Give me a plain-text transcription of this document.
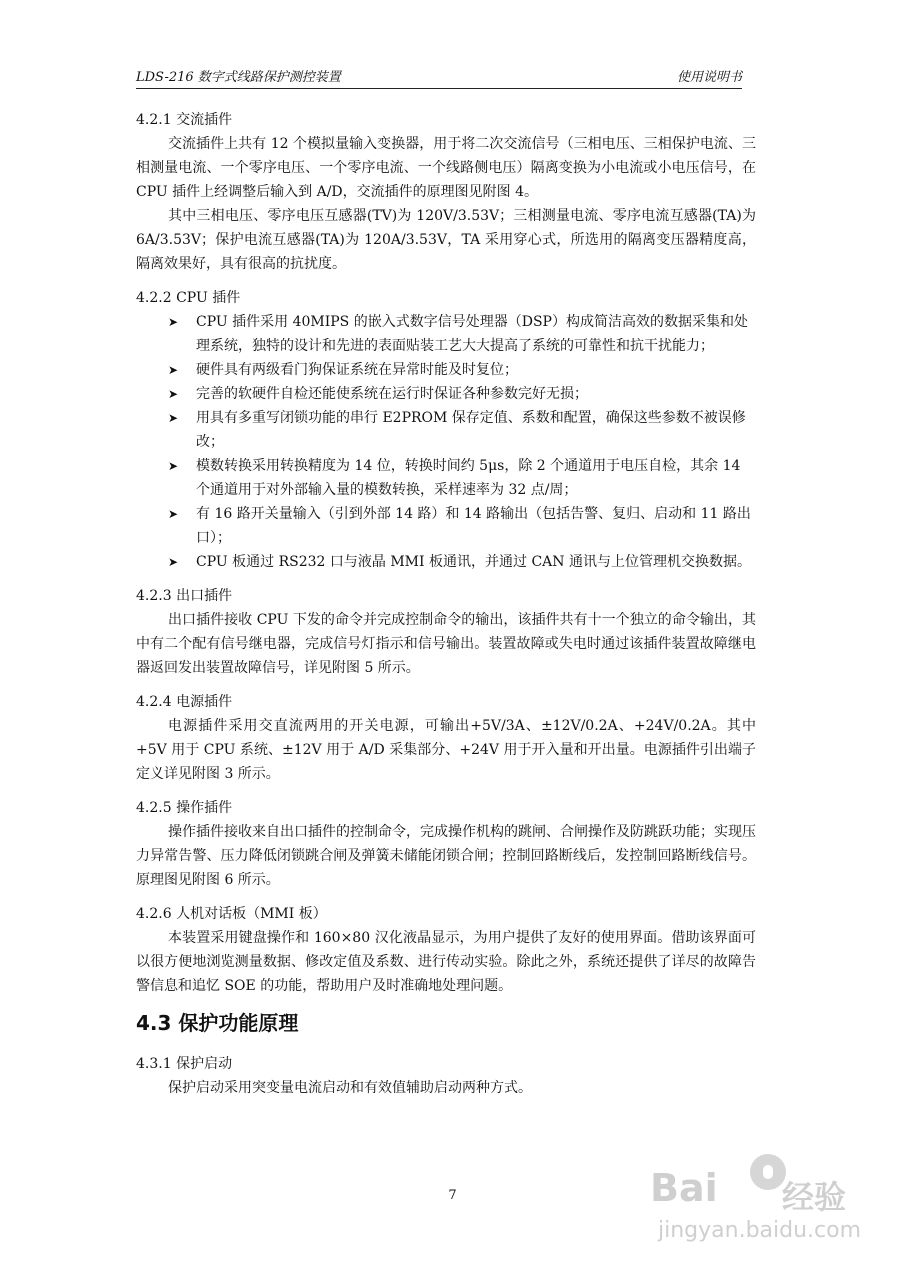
LDS-216 数字式线路保护测控装置	使用说明书

4.2.1 交流插件

交流插件上共有 12 个模拟量输入变换器，用于将二次交流信号（三相电压、三相保护电流、三相测量电流、一个零序电压、一个零序电流、一个线路侧电压）隔离变换为小电流或小电压信号，在 CPU 插件上经调整后输入到 A/D，交流插件的原理图见附图 4。

其中三相电压、零序电压互感器(TV)为 120V/3.53V；三相测量电流、零序电流互感器(TA)为 6A/3.53V；保护电流互感器(TA)为 120A/3.53V，TA 采用穿心式，所选用的隔离变压器精度高，隔离效果好，具有很高的抗扰度。

4.2.2 CPU 插件

➤ CPU 插件采用 40MIPS 的嵌入式数字信号处理器（DSP）构成简洁高效的数据采集和处理系统，独特的设计和先进的表面贴装工艺大大提高了系统的可靠性和抗干扰能力；
➤ 硬件具有两级看门狗保证系统在异常时能及时复位；
➤ 完善的软硬件自检还能使系统在运行时保证各种参数完好无损；
➤ 用具有多重写闭锁功能的串行 E2PROM 保存定值、系数和配置，确保这些参数不被误修改；
➤ 模数转换采用转换精度为 14 位，转换时间约 5μs，除 2 个通道用于电压自检，其余 14 个通道用于对外部输入量的模数转换，采样速率为 32 点/周；
➤ 有 16 路开关量输入（引到外部 14 路）和 14 路输出（包括告警、复归、启动和 11 路出口）；
➤ CPU 板通过 RS232 口与液晶 MMI 板通讯，并通过 CAN 通讯与上位管理机交换数据。

4.2.3 出口插件

出口插件接收 CPU 下发的命令并完成控制命令的输出，该插件共有十一个独立的命令输出，其中有二个配有信号继电器，完成信号灯指示和信号输出。装置故障或失电时通过该插件装置故障继电器返回发出装置故障信号，详见附图 5 所示。

4.2.4 电源插件

电源插件采用交直流两用的开关电源，可输出+5V/3A、±12V/0.2A、+24V/0.2A。其中+5V 用于 CPU 系统、±12V 用于 A/D 采集部分、+24V 用于开入量和开出量。电源插件引出端子定义详见附图 3 所示。

4.2.5 操作插件

操作插件接收来自出口插件的控制命令，完成操作机构的跳闸、合闸操作及防跳跃功能；实现压力异常告警、压力降低闭锁跳合闸及弹簧未储能闭锁合闸；控制回路断线后，发控制回路断线信号。原理图见附图 6 所示。

4.2.6 人机对话板（MMI 板）

本装置采用键盘操作和 160×80 汉化液晶显示，为用户提供了友好的使用界面。借助该界面可以很方便地浏览测量数据、修改定值及系数、进行传动实验。除此之外，系统还提供了详尽的故障告警信息和追忆 SOE 的功能，帮助用户及时准确地处理问题。

4.3 保护功能原理

4.3.1 保护启动

保护启动采用突变量电流启动和有效值辅助启动两种方式。

7	Bai 经验
jingyan.baidu.com
